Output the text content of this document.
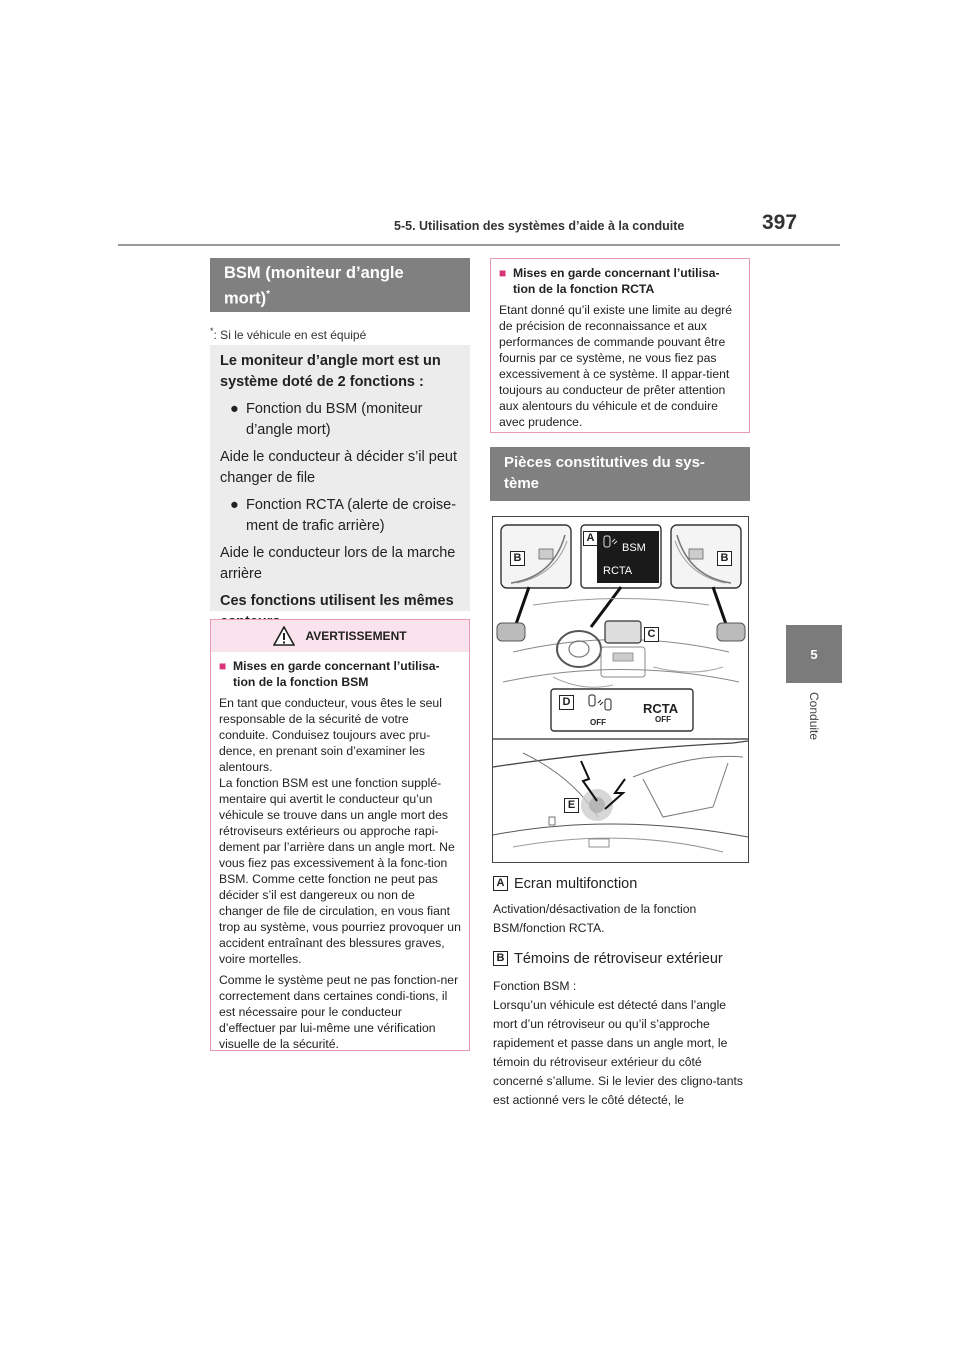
5-5. Utilisation des systèmes d’aide à la conduite	397
5
Conduite
BSM (moniteur d’angle
mort)*
*: Si le véhicule en est équipé

Le moniteur d’angle mort est un système doté de 2 fonctions :

● Fonction du BSM (moniteur d’angle mort)

Aide le conducteur à décider s’il peut changer de file

● Fonction RCTA (alerte de croise-ment de trafic arrière)

Aide le conducteur lors de la marche arrière

Ces fonctions utilisent les mêmes

AVERTISSEMENT

■ Mises en garde concernant l’utilisa-tion de la fonction BSM

En tant que conducteur, vous êtes le seul responsable de la sécurité de votre conduite. Conduisez toujours avec pru-dence, en prenant soin d’examiner les alentours.

La fonction BSM est une fonction supplé-mentaire qui avertit le conducteur qu’un véhicule se trouve dans un angle mort des rétroviseurs extérieurs ou approche rapi-dement par l’arrière dans un angle mort. Ne vous fiez pas excessivement à la fonc-tion BSM. Comme cette fonction ne peut pas décider s’il est dangereux ou non de changer de file de circulation, en vous fiant trop au système, vous pourriez provoquer un accident entraînant des blessures graves, voire mortelles.

Comme le système peut ne pas fonction-ner correctement dans certaines condi-tions, il est nécessaire pour le conducteur d’effectuer par lui-même une vérification visuelle de la sécurité.

■ Mises en garde concernant l’utilisa-tion de la fonction RCTA

Etant donné qu’il existe une limite au degré de précision de reconnaissance et aux performances de commande pouvant être fournis par ce système, ne vous fiez pas excessivement à ce système. Il appar-tient toujours au conducteur de prêter attention aux alentours du véhicule et de conduire avec prudence.

Pièces constitutives du sys-
tème
BSM
RCTA
OFF
RCTA
OFF
B
A
B
C
D
E
A Ecran multifonction
Activation/désactivation de la fonction BSM/fonction RCTA.
B Témoins de rétroviseur extérieur
Fonction BSM :
Lorsqu’un véhicule est détecté dans l’angle mort d’un rétroviseur ou qu’il s’approche rapidement et passe dans un angle mort, le témoin du rétroviseur extérieur du côté concerné s’allume. Si le levier des cligno-tants est actionné vers le côté détecté, le
